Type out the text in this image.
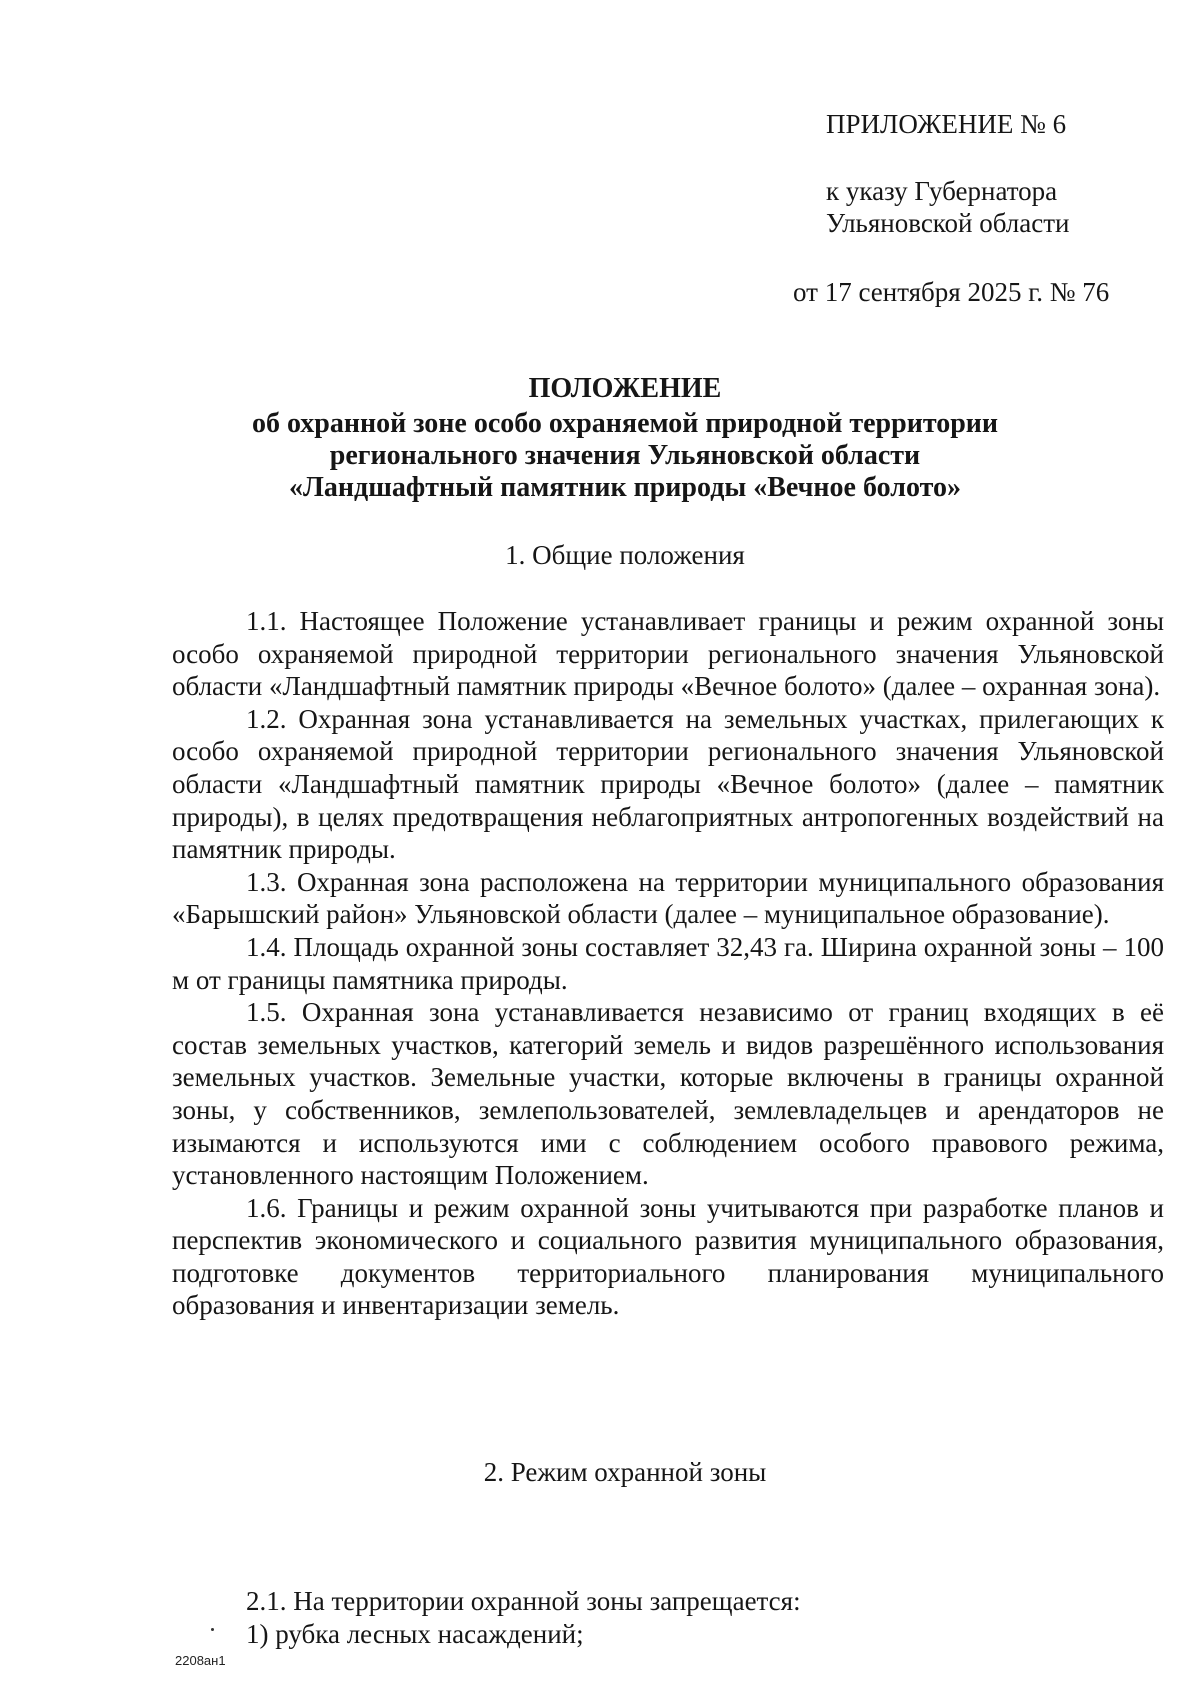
ПРИЛОЖЕНИЕ № 6
к указу Губернатора
Ульяновской области
от 17 сентября 2025 г. № 76
ПОЛОЖЕНИЕ
об охранной зоне особо охраняемой природной территории
регионального значения Ульяновской области
«Ландшафтный памятник природы «Вечное болото»
1. Общие положения

1.1. Настоящее Положение устанавливает границы и режим охранной зоны особо охраняемой природной территории регионального значения Ульяновской области «Ландшафтный памятник природы «Вечное болото» (далее – охранная зона).

1.2. Охранная зона устанавливается на земельных участках, прилегающих к особо охраняемой природной территории регионального значения Ульяновской области «Ландшафтный памятник природы «Вечное болото» (далее – памятник природы), в целях предотвращения неблагоприятных антропогенных воздействий на памятник природы.

1.3. Охранная зона расположена на территории муниципального образования «Барышский район» Ульяновской области (далее – муниципальное образование).

1.4. Площадь охранной зоны составляет 32,43 га. Ширина охранной зоны – 100 м от границы памятника природы.

1.5. Охранная зона устанавливается независимо от границ входящих в её состав земельных участков, категорий земель и видов разрешённого использования земельных участков. Земельные участки, которые включены в границы охранной зоны, у собственников, землепользователей, землевладельцев и арендаторов не изымаются и используются ими с соблюдением особого правового режима, установленного настоящим Положением.

1.6. Границы и режим охранной зоны учитываются при разработке планов и перспектив экономического и социального развития муниципального образования, подготовке документов территориального планирования муниципального образования и инвентаризации земель.

2. Режим охранной зоны

2.1. На территории охранной зоны запрещается:

1) рубка лесных насаждений;

2208ан1
